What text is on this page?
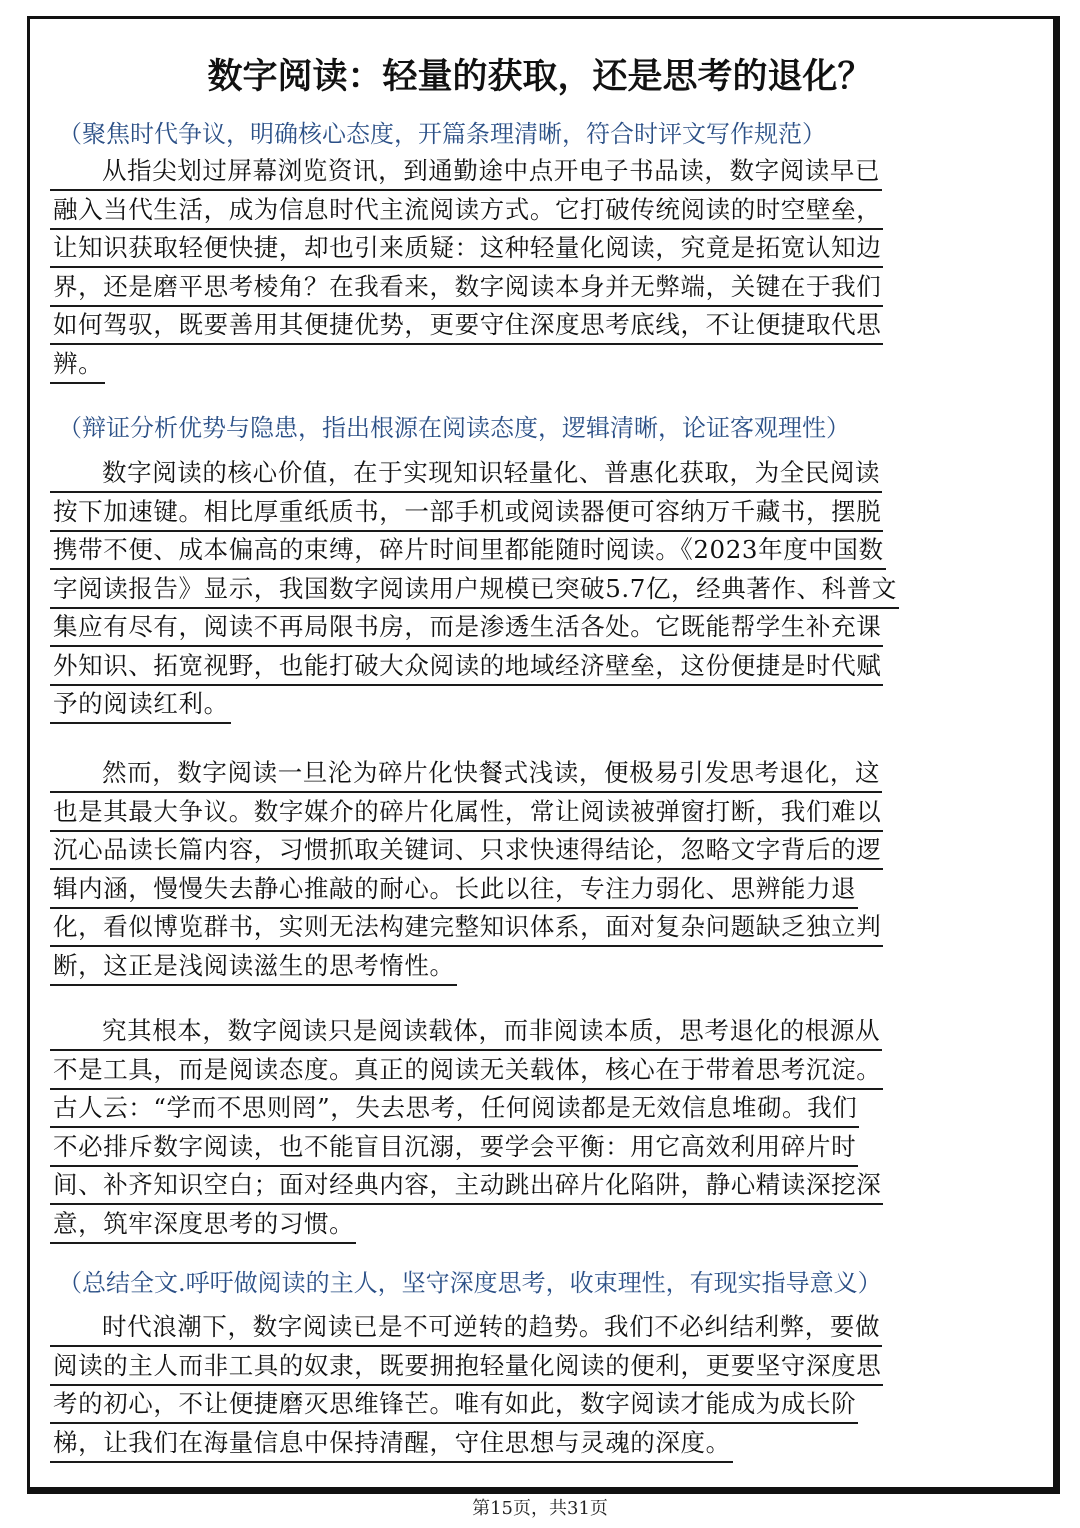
数字阅读：轻量的获取，还是思考的退化？

（聚焦时代争议，明确核心态度，开篇条理清晰，符合时评文写作规范）

从指尖划过屏幕浏览资讯，到通勤途中点开电子书品读，数字阅读早已
融入当代生活，成为信息时代主流阅读方式。它打破传统阅读的时空壁垒，
让知识获取轻便快捷，却也引来质疑：这种轻量化阅读，究竟是拓宽认知边
界，还是磨平思考棱角？在我看来，数字阅读本身并无弊端，关键在于我们
如何驾驭，既要善用其便捷优势，更要守住深度思考底线，不让便捷取代思
辨。

（辩证分析优势与隐患，指出根源在阅读态度，逻辑清晰，论证客观理性）

数字阅读的核心价值，在于实现知识轻量化、普惠化获取，为全民阅读
按下加速键。相比厚重纸质书，一部手机或阅读器便可容纳万千藏书，摆脱
携带不便、成本偏高的束缚，碎片时间里都能随时阅读。《2023年度中国数
字阅读报告》显示，我国数字阅读用户规模已突破5.7亿，经典著作、科普文
集应有尽有，阅读不再局限书房，而是渗透生活各处。它既能帮学生补充课
外知识、拓宽视野，也能打破大众阅读的地域经济壁垒，这份便捷是时代赋
予的阅读红利。
然而，数字阅读一旦沦为碎片化快餐式浅读，便极易引发思考退化，这
也是其最大争议。数字媒介的碎片化属性，常让阅读被弹窗打断，我们难以
沉心品读长篇内容，习惯抓取关键词、只求快速得结论，忽略文字背后的逻
辑内涵，慢慢失去静心推敲的耐心。长此以往，专注力弱化、思辨能力退
化，看似博览群书，实则无法构建完整知识体系，面对复杂问题缺乏独立判
断，这正是浅阅读滋生的思考惰性。
究其根本，数字阅读只是阅读载体，而非阅读本质，思考退化的根源从
不是工具，而是阅读态度。真正的阅读无关载体，核心在于带着思考沉淀。
古人云：“学而不思则罔”，失去思考，任何阅读都是无效信息堆砌。我们
不必排斥数字阅读，也不能盲目沉溺，要学会平衡：用它高效利用碎片时
间、补齐知识空白；面对经典内容，主动跳出碎片化陷阱，静心精读深挖深
意，筑牢深度思考的习惯。

（总结全文.呼吁做阅读的主人，坚守深度思考，收束理性，有现实指导意义）

时代浪潮下，数字阅读已是不可逆转的趋势。我们不必纠结利弊，要做
阅读的主人而非工具的奴隶，既要拥抱轻量化阅读的便利，更要坚守深度思
考的初心，不让便捷磨灭思维锋芒。唯有如此，数字阅读才能成为成长阶
梯，让我们在海量信息中保持清醒，守住思想与灵魂的深度。
第15页，共31页
